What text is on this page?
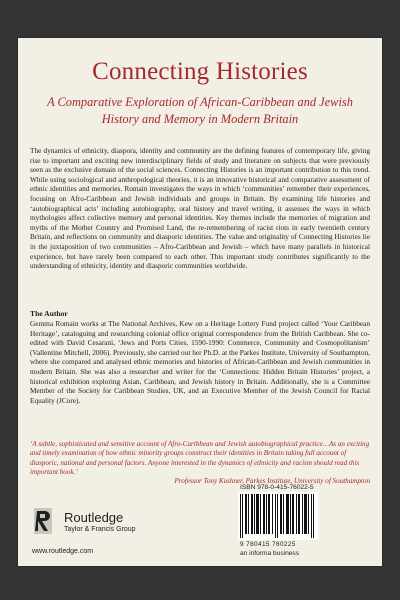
Connecting Histories
A Comparative Exploration of African-Caribbean and Jewish History and Memory in Modern Britain
The dynamics of ethnicity, diaspora, identity and community are the defining features of contemporary life, giving rise to important and exciting new interdisciplinary fields of study and literature on subjects that were previously seen as the exclusive domain of the social sciences. Connecting Histories is an important contribution to this trend. While using sociological and anthropological theories, it is an innovative historical and comparative assessment of ethnic identities and memories. Romain investigates the ways in which ‘communities’ remember their experiences, focusing on Afro-Caribbean and Jewish individuals and groups in Britain. By examining life histories and ‘autobiographical acts’ including autobiography, oral history and travel writing, it assesses the ways in which mythologies affect collective memory and personal identities. Key themes include the memories of migration and myths of the Mother Country and Promised Land, the re-remembering of racist riots in early twentieth century Britain, and reflections on community and diasporic identities. The value and originality of Connecting Histories lie in the juxtaposition of two communities – Afro-Caribbean and Jewish – which have many parallels in historical experience, but have rarely been compared to each other. This important study contributes significantly to the understanding of ethnicity, identity and diasporic communities worldwide.
The Author
Gemma Romain works at The National Archives, Kew on a Heritage Lottery Fund project called ‘Your Caribbean Heritage’, cataloguing and researching colonial office original correspondence from the British Caribbean. She co-edited with David Cesarani, ‘Jews and Ports Cities, 1590-1990: Commerce, Community and Cosmopolitanism’ (Vallentine Mitchell, 2006). Previously, she carried out her Ph.D. at the Parkes Institute, University of Southampton, where she compared and analysed ethnic memories and histories of African-Caribbean and Jewish communities in modern Britain. She was also a researcher and writer for the ‘Connections: Hidden Britain Histories’ project, a historical exhibition exploring Asian, Caribbean, and Jewish history in Britain. Additionally, she is a Committee Member of the Society for Caribbean Studies, UK, and an Executive Member of the Jewish Council for Racial Equality (JCore).
‘A subtle, sophisticated and sensitive account of Afro-Caribbean and Jewish autobiographical practice…As an exciting and timely examination of how ethnic minority groups construct their identities in Britain taking full account of diasporic, national and personal factors. Anyone interested in the dynamics of ethnicity and racism should read this important book.’
Professor Tony Kushner, Parkes Institute, University of Southampton
Routledge
Taylor & Francis Group
www.routledge.com
ISBN 978-0-415-76022-5
9 780415 760225
an informa business
